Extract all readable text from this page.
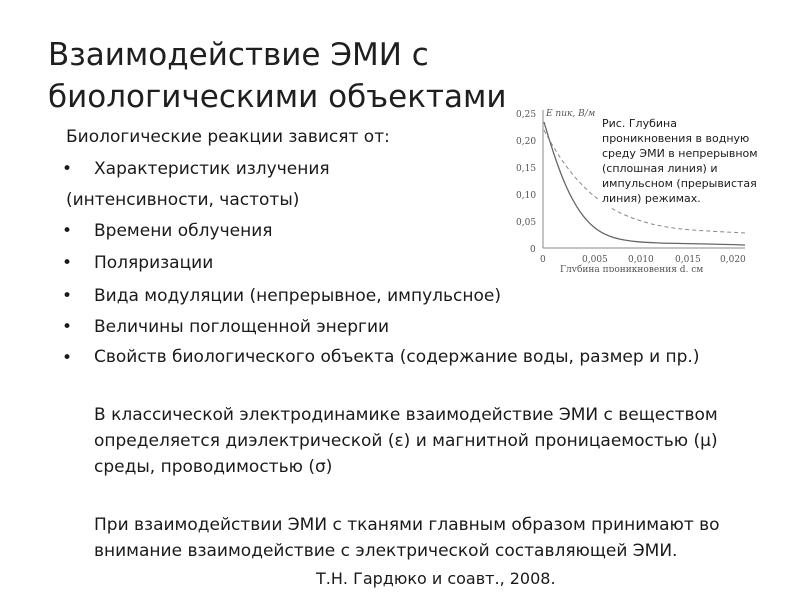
Взаимодействие ЭМИ с
биологическими объектами	0,25
0,20
0,15
0,10
0,05
0
E пик, В/м
0	0,005 0,010 0,015 0,020
Глубина проникновения d, см
Рис. Глубина проникновения в водную среду ЭМИ в непрерывном (сплошная линия) и импульсном (прерывистая линия) режимах.
Биологические реакции зависят от:
• Характеристик излучения
(интенсивности, частоты)
• Времени облучения
• Поляризации
• Вида модуляции (непрерывное, импульсное)
• Величины поглощенной энергии
• Свойств биологического объекта (содержание воды, размер и пр.)
В классической электродинамике взаимодействие ЭМИ с веществом определяется диэлектрической (ε) и магнитной проницаемостью (μ) среды, проводимостью (σ)
При взаимодействии ЭМИ с тканями главным образом принимают во внимание взаимодействие с электрической составляющей ЭМИ.
Т.Н. Гардюко и соавт., 2008.
